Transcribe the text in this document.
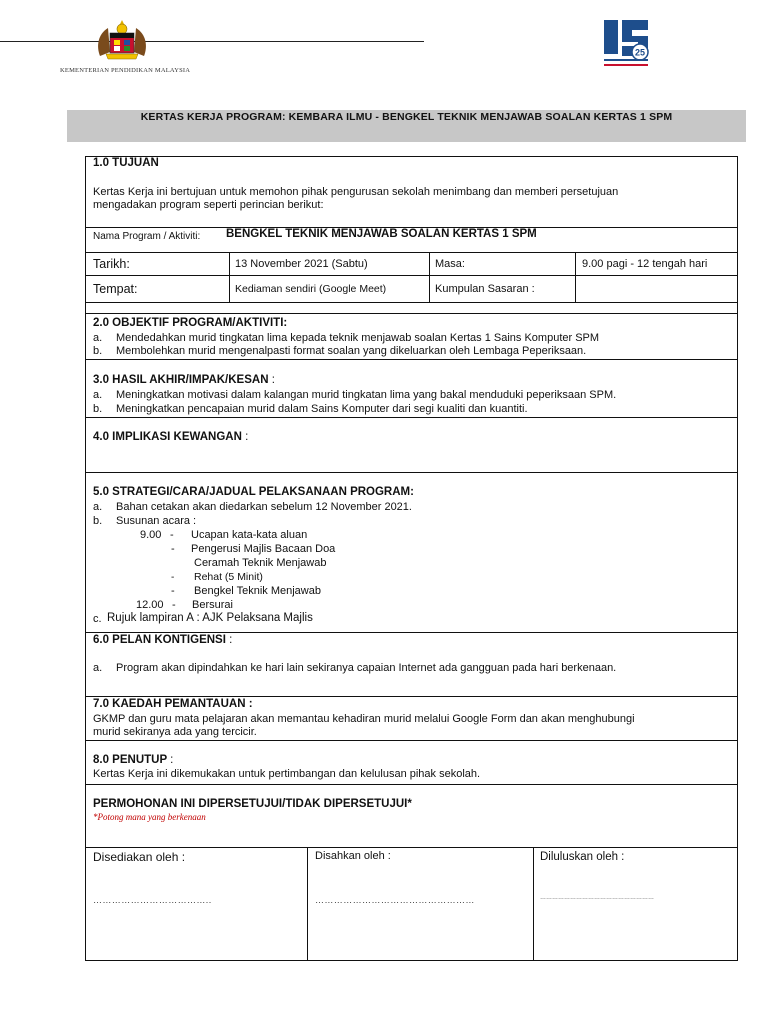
KEMENTERIAN PENDIDIKAN MALAYSIA
25
KERTAS KERJA PROGRAM: KEMBARA ILMU - BENGKEL TEKNIK MENJAWAB SOALAN KERTAS 1 SPM
1.0 TUJUAN
Kertas Kerja ini bertujuan untuk memohon pihak pengurusan sekolah menimbang dan memberi persetujuan
mengadakan program seperti perincian berikut:
Nama Program / Aktiviti: BENGKEL TEKNIK MENJAWAB SOALAN KERTAS 1 SPM
Tarikh:	13 November 2021 (Sabtu)	Masa:	9.00 pagi - 12 tengah hari
Tempat:	Kediaman sendiri (Google Meet)	Kumpulan Sasaran :
2.0 OBJEKTIF PROGRAM/AKTIVITI:
a. Mendedahkan murid tingkatan lima kepada teknik menjawab soalan Kertas 1 Sains Komputer SPM
b. Membolehkan murid mengenalpasti format soalan yang dikeluarkan oleh Lembaga Peperiksaan.
3.0 HASIL AKHIR/IMPAK/KESAN :
a. Meningkatkan motivasi dalam kalangan murid tingkatan lima yang bakal menduduki peperiksaan SPM.
b. Meningkatkan pencapaian murid dalam Sains Komputer dari segi kualiti dan kuantiti.
4.0 IMPLIKASI KEWANGAN :
5.0 STRATEGI/CARA/JADUAL PELAKSANAAN PROGRAM:
a. Bahan cetakan akan diedarkan sebelum 12 November 2021.
b. Susunan acara :
9.00 - Ucapan kata-kata aluan
- Pengerusi Majlis Bacaan Doa
Ceramah Teknik Menjawab
- Rehat (5 Minit)
- Bengkel Teknik Menjawab
12.00 - Bersurai
c. Rujuk lampiran A : AJK Pelaksana Majlis
6.0 PELAN KONTIGENSI :
a. Program akan dipindahkan ke hari lain sekiranya capaian Internet ada gangguan pada hari berkenaan.
7.0 KAEDAH PEMANTAUAN :
GKMP dan guru mata pelajaran akan memantau kehadiran murid melalui Google Form dan akan menghubungi
murid sekiranya ada yang tercicir.
8.0 PENUTUP :
Kertas Kerja ini dikemukakan untuk pertimbangan dan kelulusan pihak sekolah.
PERMOHONAN INI DIPERSETUJUI/TIDAK DIPERSETUJUI*
*Potong mana yang berkenaan
Disediakan oleh :
………………………………..
Disahkan oleh :
……………………………………………
Diluluskan oleh :
…………………………………………………
